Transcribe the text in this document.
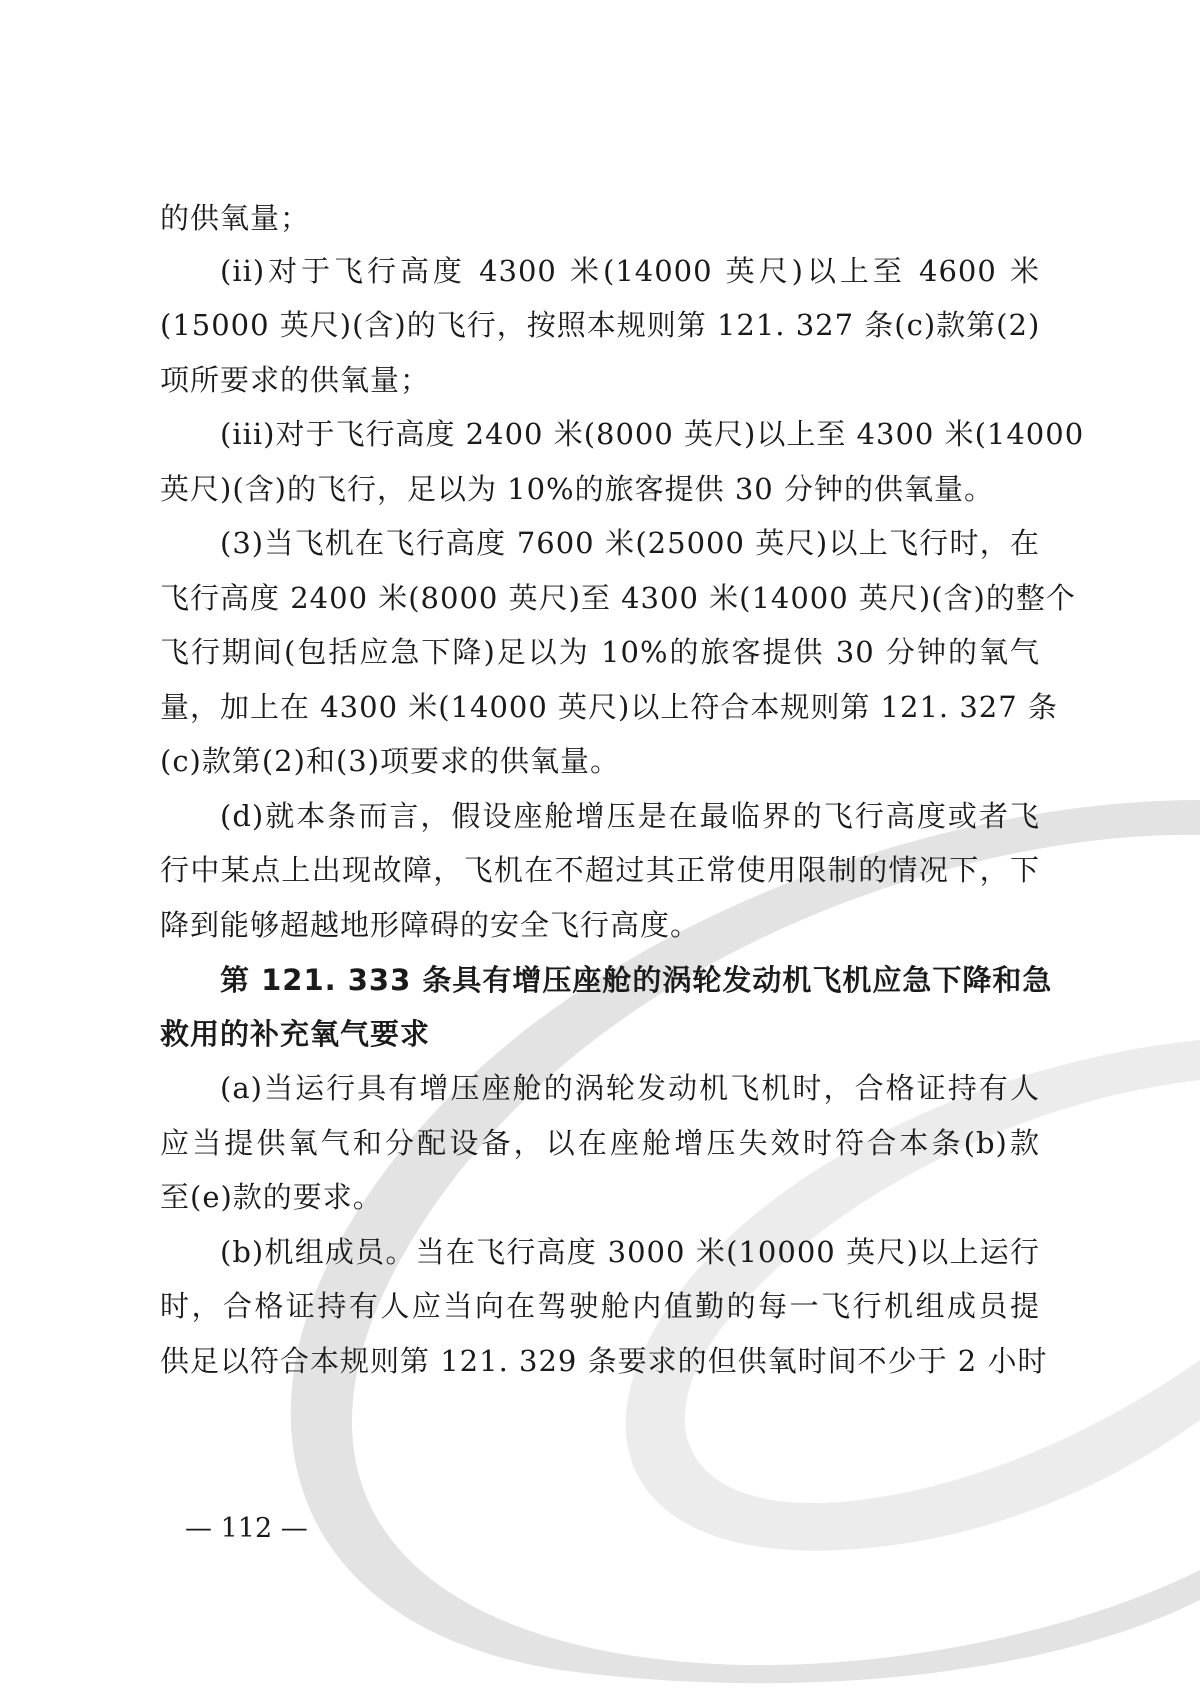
的供氧量；
(ii)对于飞行高度 4300 米(14000 英尺)以上至 4600 米
(15000 英尺)(含)的飞行，按照本规则第 121. 327 条(c)款第(2)
项所要求的供氧量；
(iii)对于飞行高度 2400 米(8000 英尺)以上至 4300 米(14000
英尺)(含)的飞行，足以为 10%的旅客提供 30 分钟的供氧量。
(3)当飞机在飞行高度 7600 米(25000 英尺)以上飞行时，在
飞行高度 2400 米(8000 英尺)至 4300 米(14000 英尺)(含)的整个
飞行期间(包括应急下降)足以为 10%的旅客提供 30 分钟的氧气
量，加上在 4300 米(14000 英尺)以上符合本规则第 121. 327 条
(c)款第(2)和(3)项要求的供氧量。
(d)就本条而言，假设座舱增压是在最临界的飞行高度或者飞
行中某点上出现故障，飞机在不超过其正常使用限制的情况下，下
降到能够超越地形障碍的安全飞行高度。
第 121. 333 条具有增压座舱的涡轮发动机飞机应急下降和急
救用的补充氧气要求
(a)当运行具有增压座舱的涡轮发动机飞机时，合格证持有人
应当提供氧气和分配设备，以在座舱增压失效时符合本条(b)款
至(e)款的要求。
(b)机组成员。当在飞行高度 3000 米(10000 英尺)以上运行
时，合格证持有人应当向在驾驶舱内值勤的每一飞行机组成员提
供足以符合本规则第 121. 329 条要求的但供氧时间不少于 2 小时
— 112 —
